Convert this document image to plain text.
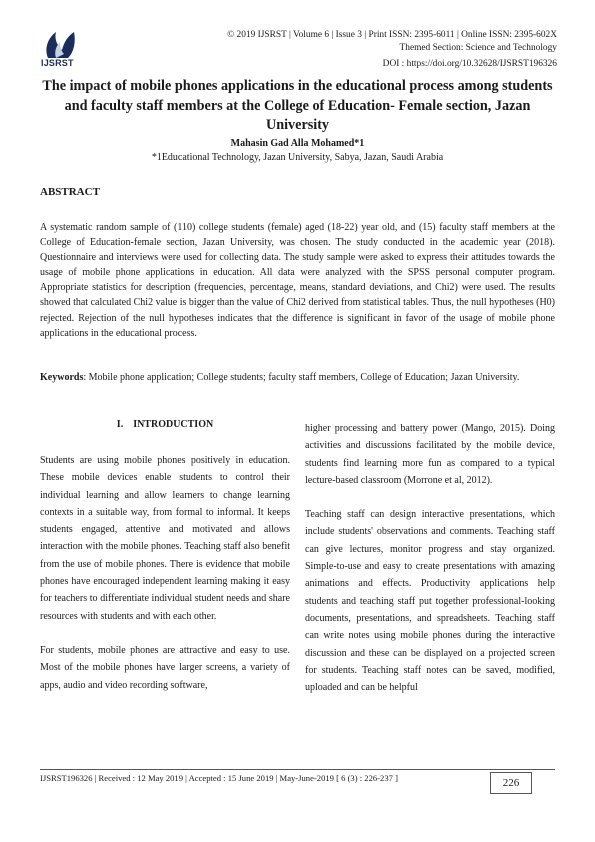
IJSRST
© 2019 IJSRST | Volume 6 | Issue 3 | Print ISSN: 2395-6011 | Online ISSN: 2395-602X
Themed Section: Science and Technology
DOI : https://doi.org/10.32628/IJSRST196326
The impact of mobile phones applications in the educational process among students and faculty staff members at the College of Education- Female section, Jazan University
Mahasin Gad Alla Mohamed*1
*1Educational Technology, Jazan University, Sabya, Jazan, Saudi Arabia
ABSTRACT
A systematic random sample of (110) college students (female) aged (18-22) year old, and (15) faculty staff members at the College of Education-female section, Jazan University, was chosen. The study conducted in the academic year (2018). Questionnaire and interviews were used for collecting data. The study sample were asked to express their attitudes towards the usage of mobile phone applications in education. All data were analyzed with the SPSS personal computer program. Appropriate statistics for description (frequencies, percentage, means, standard deviations, and Chi2) were used. The results showed that calculated Chi2 value is bigger than the value of Chi2 derived from statistical tables. Thus, the null hypotheses (H0) rejected. Rejection of the null hypotheses indicates that the difference is significant in favor of the usage of mobile phone applications in the educational process.
Keywords: Mobile phone application; College students; faculty staff members, College of Education; Jazan University.
I. INTRODUCTION

Students are using mobile phones positively in education. These mobile devices enable students to control their individual learning and allow learners to change learning contexts in a suitable way, from formal to informal. It keeps students engaged, attentive and motivated and allows interaction with the mobile phones. Teaching staff also benefit from the use of mobile phones. There is evidence that mobile phones have encouraged independent learning making it easy for teachers to differentiate individual student needs and share resources with students and with each other.

For students, mobile phones are attractive and easy to use. Most of the mobile phones have larger screens, a variety of apps, audio and video recording software,

higher processing and battery power (Mango, 2015). Doing activities and discussions facilitated by the mobile device, students find learning more fun as compared to a typical lecture-based classroom (Morrone et al, 2012).

Teaching staff can design interactive presentations, which include students' observations and comments. Teaching staff can give lectures, monitor progress and stay organized. Simple-to-use and easy to create presentations with amazing animations and effects. Productivity applications help students and teaching staff put together professional-looking documents, presentations, and spreadsheets. Teaching staff can write notes using mobile phones during the interactive discussion and these can be displayed on a projected screen for students. Teaching staff notes can be saved, modified, uploaded and can be helpful

IJSRST196326 | Received : 12 May 2019 | Accepted : 15 June 2019 | May-June-2019 [ 6 (3) : 226-237 ]	226
